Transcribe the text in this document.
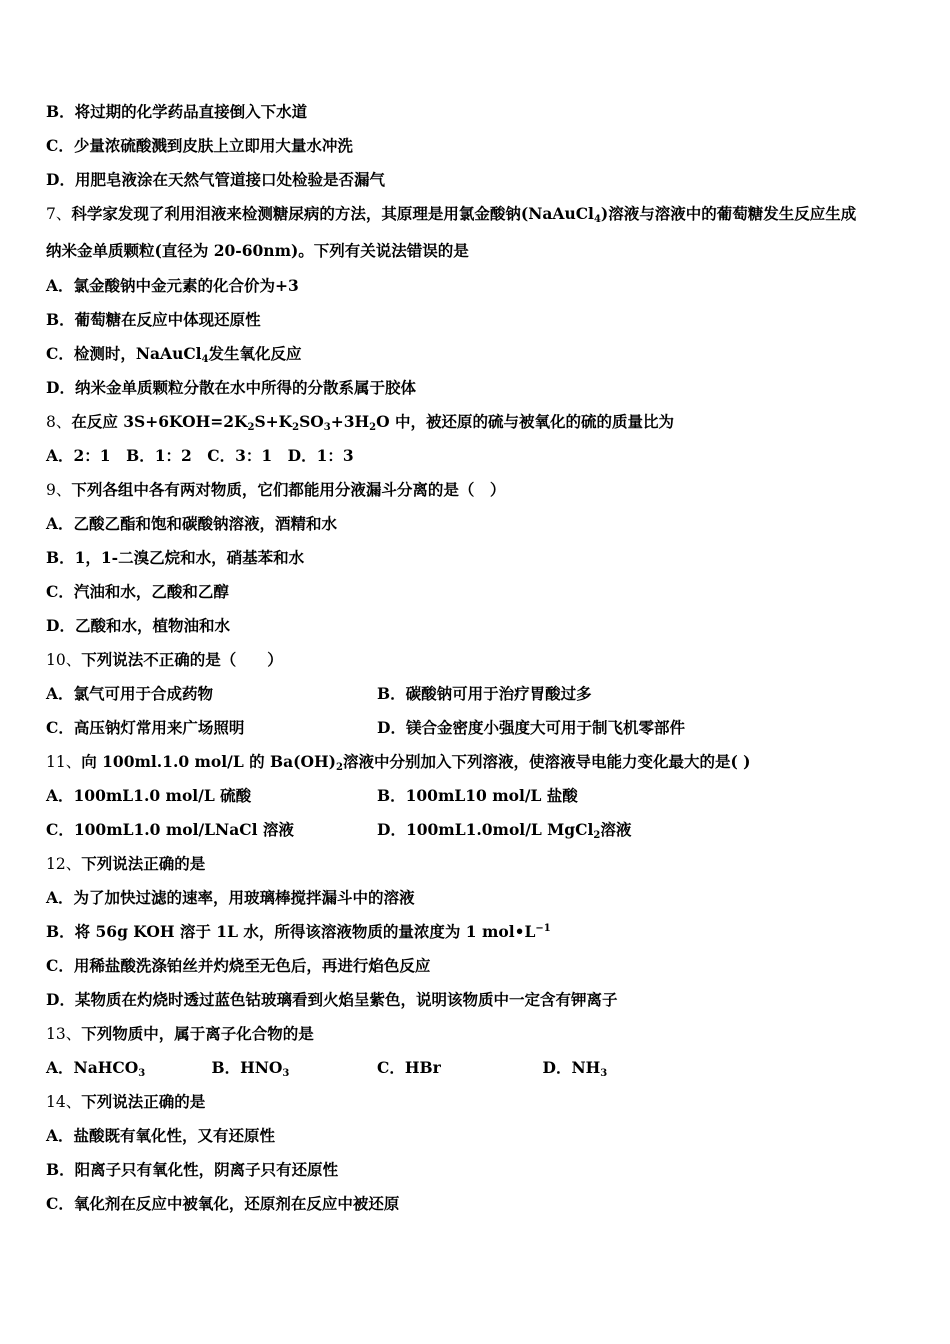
B．将过期的化学药品直接倒入下水道
C．少量浓硫酸溅到皮肤上立即用大量水冲洗
D．用肥皂液涂在天然气管道接口处检验是否漏气
7、 科学家发现了利用泪液来检测糖尿病的方法，其原理是用氯金酸钠(NaAuCl$_4$)溶液与溶液中的葡萄糖发生反应生成
纳米金单质颗粒(直径为 20-60nm)。下列有关说法错误的是
A．氯金酸钠中金元素的化合价为+3
B．葡萄糖在反应中体现还原性
C．检测时，NaAuCl$_4$发生氧化反应
D．纳米金单质颗粒分散在水中所得的分散系属于胶体
8、 在反应 $3S+6KOH=2K_2S+K_2SO_3+3H_2O$ 中，被还原的硫与被氧化的硫的质量比为
A．2：1　B．1：2　C．3：1　D．1：3
9、 下列各组中各有两对物质，它们都能用分液漏斗分离的是（　）
A．乙酸乙酯和饱和碳酸钠溶液，酒精和水
B．1，1-二溴乙烷和水，硝基苯和水
C．汽油和水，乙酸和乙醇
D．乙酸和水，植物油和水
10、 下列说法不正确的是（　　）
A．氯气可用于合成药物	B．碳酸钠可用于治疗胃酸过多
C．高压钠灯常用来广场照明	D．镁合金密度小强度大可用于制飞机零部件
11、 向 100ml.1.0 mol/L 的 $Ba(OH)_2$溶液中分别加入下列溶液，使溶液导电能力变化最大的是( )
A．100mL1.0 mol/L 硫酸	B．100mL10 mol/L 盐酸
C．100mL1.0 mol/LNaCl 溶液	D．100mL1.0mol/L MgCl$_2$溶液
12、 下列说法正确的是
A．为了加快过滤的速率，用玻璃棒搅拌漏斗中的溶液
B．将 56g KOH 溶于 1L 水，所得该溶液物质的量浓度为 1 $mol•L^{-1}$
C．用稀盐酸洗涤铂丝并灼烧至无色后，再进行焰色反应
D．某物质在灼烧时透过蓝色钴玻璃看到火焰呈紫色，说明该物质中一定含有钾离子
13、 下列物质中，属于离子化合物的是
A．NaHCO$_3$	B．$HNO_3$	C．HBr	D．$NH_3$
14、 下列说法正确的是
A．盐酸既有氧化性，又有还原性
B．阳离子只有氧化性，阴离子只有还原性
C．氧化剂在反应中被氧化，还原剂在反应中被还原
